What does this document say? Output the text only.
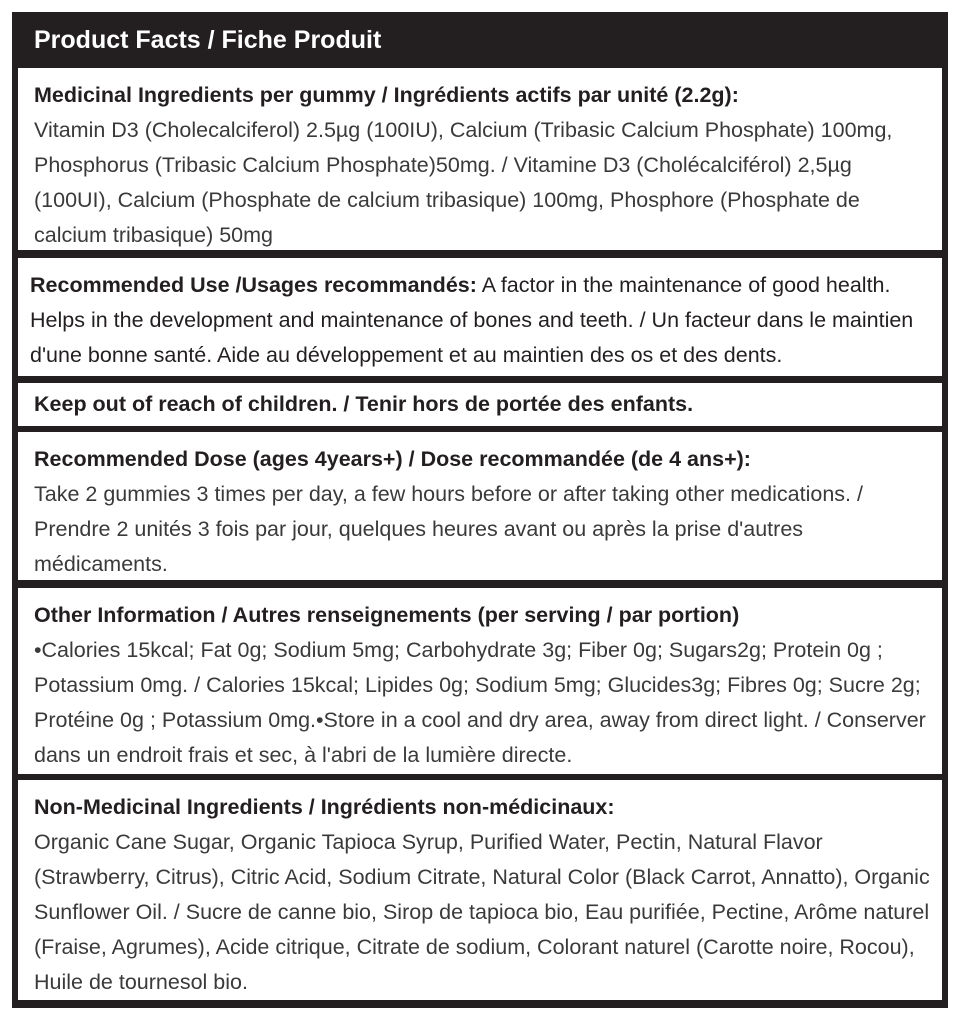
Product Facts / Fiche Produit
Medicinal Ingredients per gummy / Ingrédients actifs par unité (2.2g):
Vitamin D3 (Cholecalciferol) 2.5µg (100IU), Calcium (Tribasic Calcium Phosphate) 100mg, Phosphorus (Tribasic Calcium Phosphate)50mg. / Vitamine D3 (Cholécalciférol) 2,5µg (100UI), Calcium (Phosphate de calcium tribasique) 100mg, Phosphore (Phosphate de calcium tribasique) 50mg
Recommended Use /Usages recommandés: A factor in the maintenance of good health. Helps in the development and maintenance of bones and teeth. / Un facteur dans le maintien d'une bonne santé. Aide au développement et au maintien des os et des dents.
Keep out of reach of children. / Tenir hors de portée des enfants.
Recommended Dose (ages 4years+) / Dose recommandée (de 4 ans+):
Take 2 gummies 3 times per day, a few hours before or after taking other medications. / Prendre 2 unités 3 fois par jour, quelques heures avant ou après la prise d'autres médicaments.
Other Information / Autres renseignements (per serving / par portion)
•Calories 15kcal; Fat 0g; Sodium 5mg; Carbohydrate 3g; Fiber 0g; Sugars2g; Protein 0g ; Potassium 0mg. / Calories 15kcal; Lipides 0g; Sodium 5mg; Glucides3g; Fibres 0g; Sucre 2g; Protéine 0g ; Potassium 0mg.•Store in a cool and dry area, away from direct light. / Conserver dans un endroit frais et sec, à l'abri de la lumière directe.
Non-Medicinal Ingredients / Ingrédients non-médicinaux:
Organic Cane Sugar, Organic Tapioca Syrup, Purified Water, Pectin, Natural Flavor (Strawberry, Citrus), Citric Acid, Sodium Citrate, Natural Color (Black Carrot, Annatto), Organic Sunflower Oil. / Sucre de canne bio, Sirop de tapioca bio, Eau purifiée, Pectine, Arôme naturel (Fraise, Agrumes), Acide citrique, Citrate de sodium, Colorant naturel (Carotte noire, Rocou), Huile de tournesol bio.
